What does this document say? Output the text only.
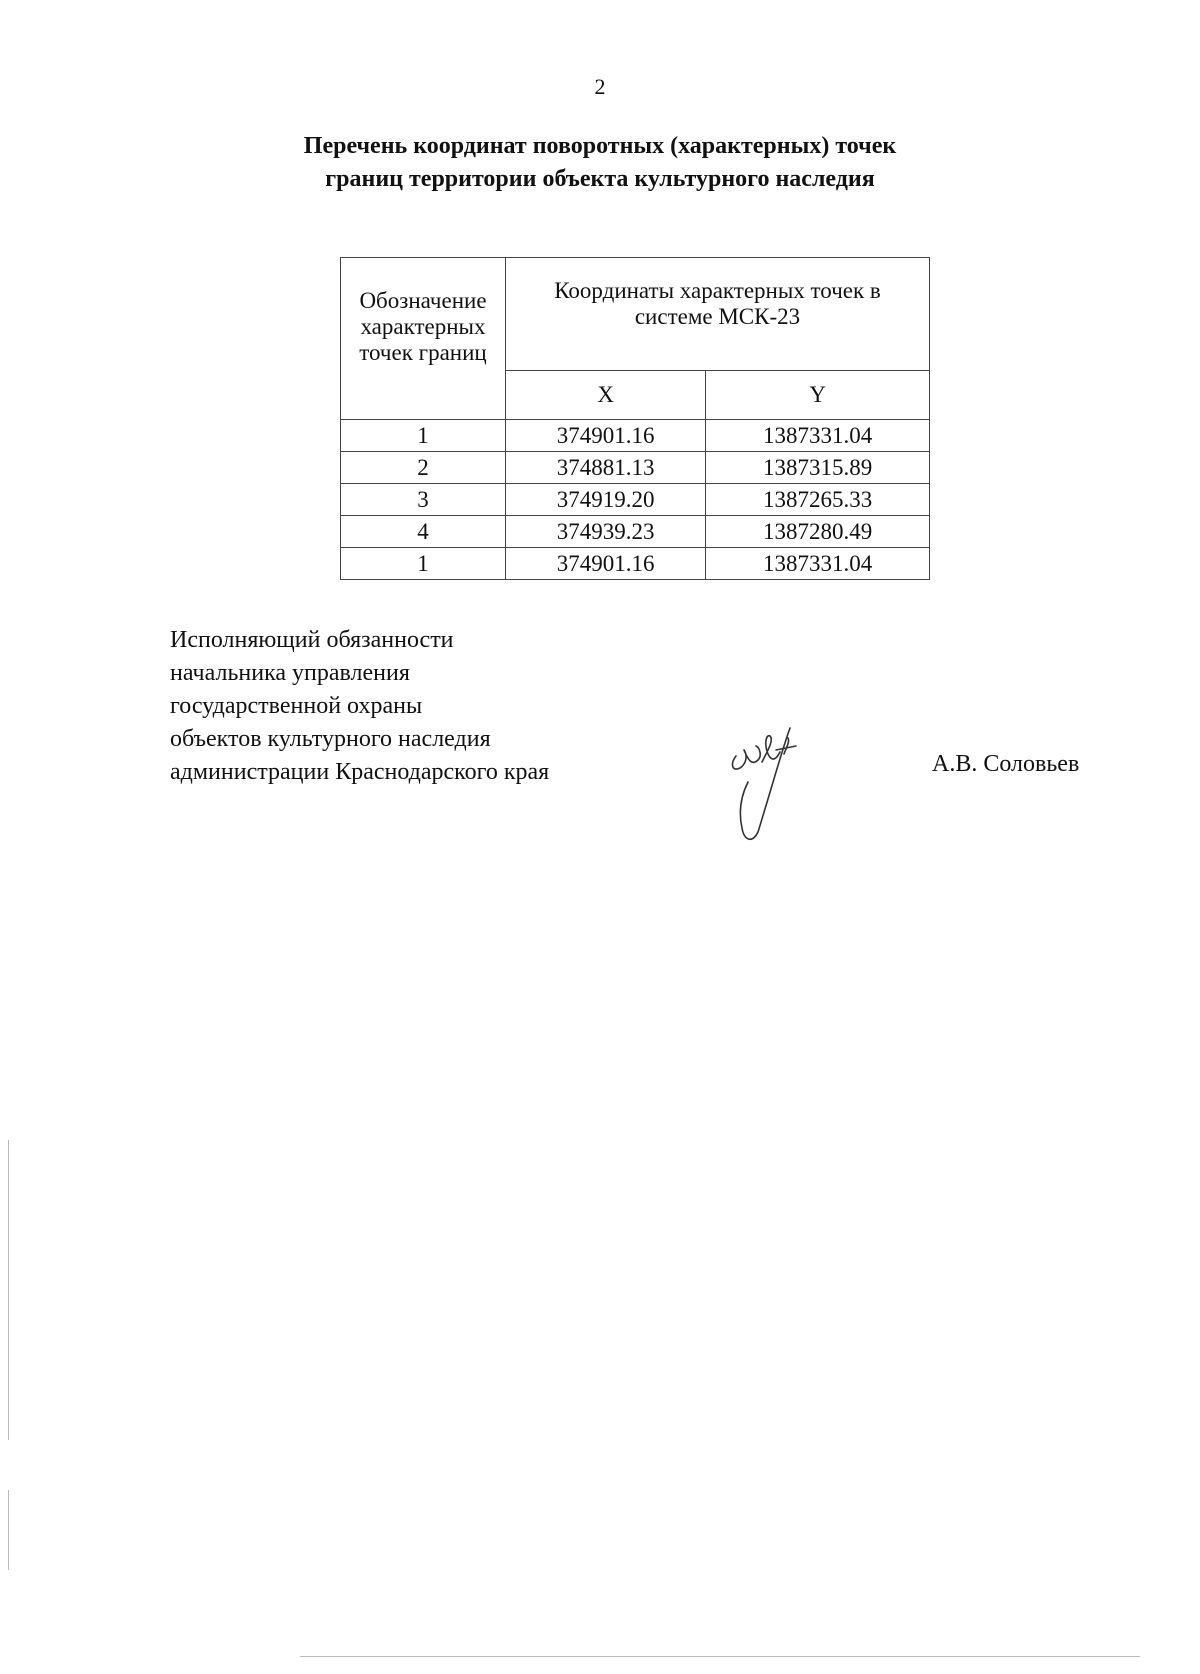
2
Перечень координат поворотных (характерных) точек
границ территории объекта культурного наследия
Обозначение
характерных
точек границ	Координаты характерных точек в
системе МСК-23	
	X	Y
1	374901.16	1387331.04
2	374881.13	1387315.89
3	374919.20	1387265.33
4	374939.23	1387280.49
1	374901.16	1387331.04
Исполняющий обязанности
начальника управления
государственной охраны
объектов культурного наследия
администрации Краснодарского края	А.В. Соловьев
